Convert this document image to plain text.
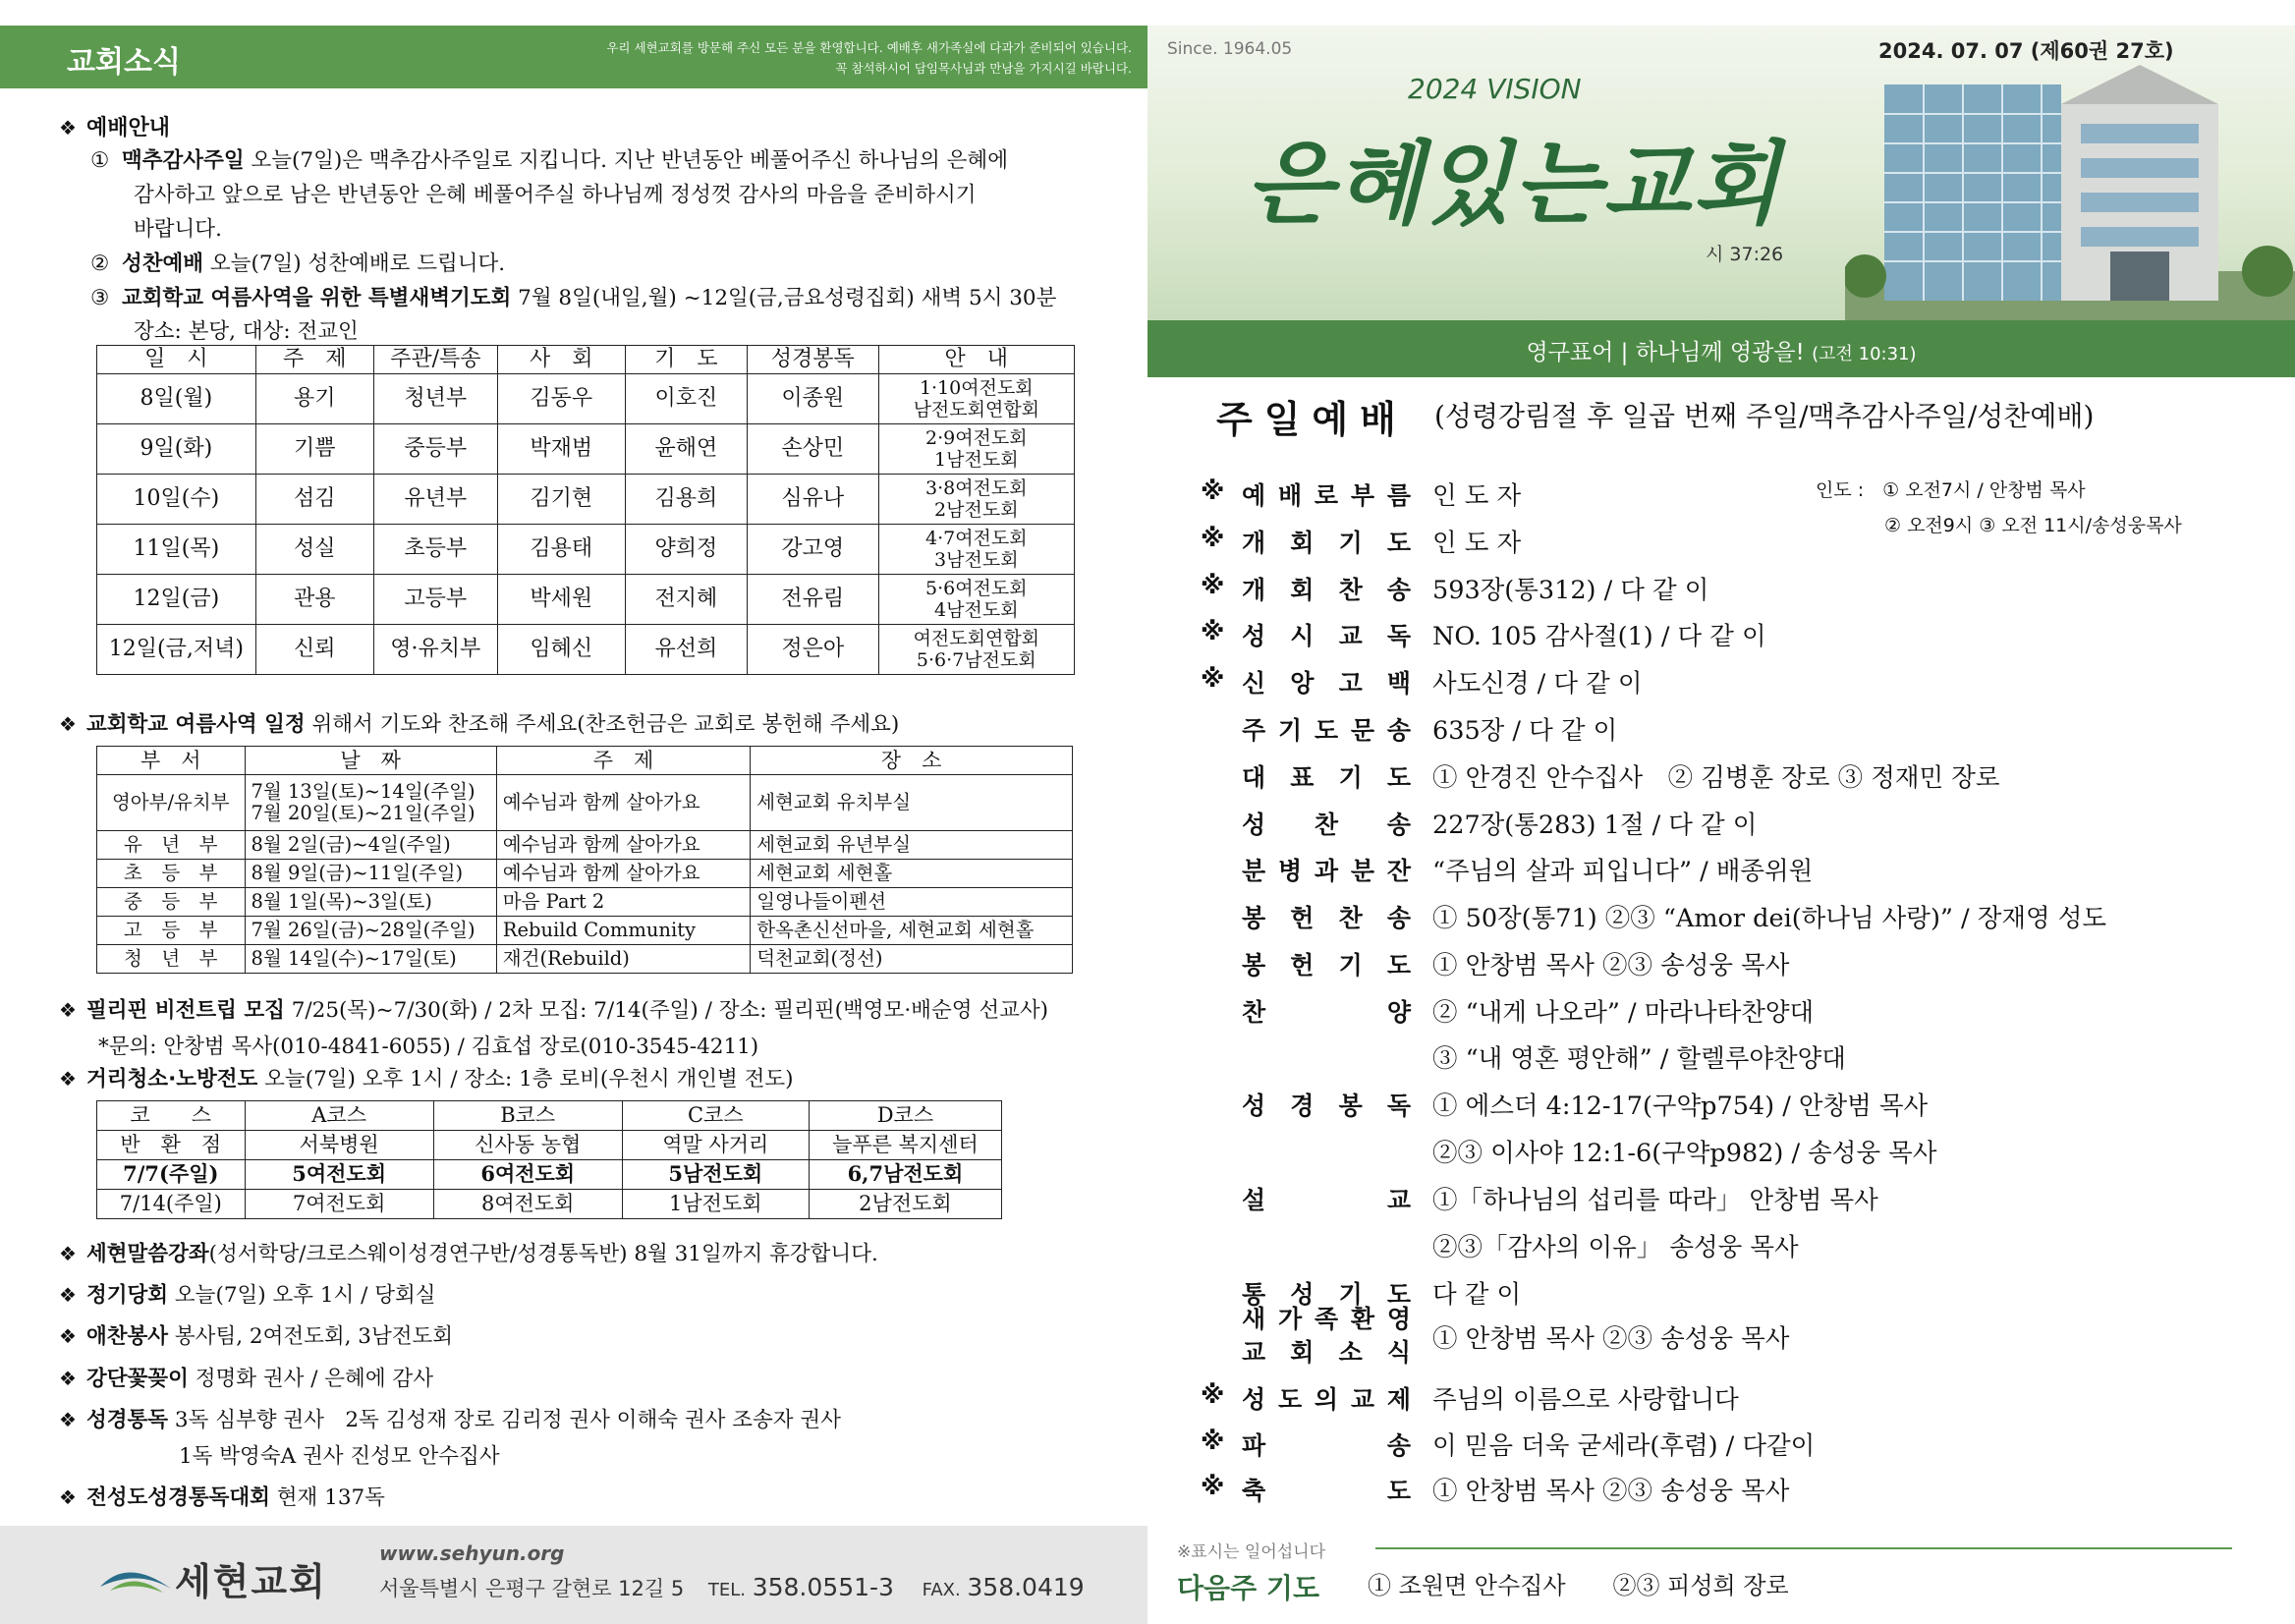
교회소식	우리 세현교회를 방문해 주신 모든 분을 환영합니다. 예배후 새가족실에 다과가 준비되어 있습니다.
꼭 참석하시어 담임목사님과 만남을 가지시길 바랍니다.
❖ 예배안내
① 맥추감사주일 오늘(7일)은 맥추감사주일로 지킵니다. 지난 반년동안 베풀어주신 하나님의 은혜에
감사하고 앞으로 남은 반년동안 은혜 베풀어주실 하나님께 정성껏 감사의 마음을 준비하시기
바랍니다.
② 성찬예배 오늘(7일) 성찬예배로 드립니다.
③ 교회학교 여름사역을 위한 특별새벽기도회 7월 8일(내일,월) ~12일(금,금요성령집회) 새벽 5시 30분
장소: 본당, 대상: 전교인
일　시	주　제	주관/특송	사　회	기　도	성경봉독	안　내
8일(월)	용기	청년부	김동우	이호진	이종원	1·10여전도회
남전도회연합회
9일(화)	기쁨	중등부	박재범	윤해연	손상민	2·9여전도회
1남전도회
10일(수)	섬김	유년부	김기현	김용희	심유나	3·8여전도회
2남전도회
11일(목)	성실	초등부	김용태	양희정	강고영	4·7여전도회
3남전도회
12일(금)	관용	고등부	박세원	전지혜	전유림	5·6여전도회
4남전도회
12일(금,저녁)	신뢰	영·유치부	임혜신	유선희	정은아	여전도회연합회
5·6·7남전도회
❖ 교회학교 여름사역 일정 위해서 기도와 찬조해 주세요(찬조헌금은 교회로 봉헌해 주세요)
부　서	날　짜	주　제	장　소
영아부/유치부	7월 13일(토)~14일(주일)
7월 20일(토)~21일(주일)	예수님과 함께 살아가요	세현교회 유치부실
유　년　부	8월 2일(금)~4일(주일)	예수님과 함께 살아가요	세현교회 유년부실
초　등　부	8월 9일(금)~11일(주일)	예수님과 함께 살아가요	세현교회 세현홀
중　등　부	8월 1일(목)~3일(토)	마음 Part 2	일영나들이펜션
고　등　부	7월 26일(금)~28일(주일)	Rebuild Community	한옥촌신선마을, 세현교회 세현홀
청　년　부	8월 14일(수)~17일(토)	재건(Rebuild)	덕천교회(정선)
❖ 필리핀 비전트립 모집 7/25(목)~7/30(화) / 2차 모집: 7/14(주일) / 장소: 필리핀(백영모·배순영 선교사)
*문의: 안창범 목사(010-4841-6055) / 김효섭 장로(010-3545-4211)
❖ 거리청소·노방전도 오늘(7일) 오후 1시 / 장소: 1층 로비(우천시 개인별 전도)
코　　스	A코스	B코스	C코스	D코스
반　환　점	서북병원	신사동 농협	역말 사거리	늘푸른 복지센터
7/7(주일)	5여전도회	6여전도회	5남전도회	6,7남전도회
7/14(주일)	7여전도회	8여전도회	1남전도회	2남전도회
❖ 세현말씀강좌(성서학당/크로스웨이성경연구반/성경통독반) 8월 31일까지 휴강합니다.
❖ 정기당회 오늘(7일) 오후 1시 / 당회실
❖ 애찬봉사 봉사팀, 2여전도회, 3남전도회
❖ 강단꽃꽂이 정명화 권사 / 은혜에 감사
❖ 성경통독 3독 심부향 권사　2독 김성재 장로 김리정 권사 이해숙 권사 조송자 권사
1독 박영숙A 권사 진성모 안수집사
❖ 전성도성경통독대회 현재 137독
세현교회
www.sehyun.org
서울특별시 은평구 갈현로 12길 5 TEL. 358.0551-3 FAX. 358.0419
Since. 1964.05	2024. 07. 07 (제60권 27호)
2024 VISION
은혜있는교회
시 37:26
영구표어 | 하나님께 영광을! (고전 10:31)
주일예배 (성령강림절 후 일곱 번째 주일/맥추감사주일/성찬예배)
인도 :　① 오전7시 / 안창범 목사
② 오전9시 ③ 오전 11시/송성웅목사
※ 예 배 로 부 름 인 도 자
※ 개 회 기 도 인 도 자
※ 개 회 찬 송 593장(통312) / 다 같 이
※ 성 시 교 독 NO. 105 감사절(1) / 다 같 이
※ 신 앙 고 백 사도신경 / 다 같 이
주 기 도 문 송 635장 / 다 같 이
대 표 기 도 ① 안경진 안수집사　② 김병훈 장로 ③ 정재민 장로
성 찬 송 227장(통283) 1절 / 다 같 이
분 병 과 분 잔 “주님의 살과 피입니다” / 배종위원
봉 헌 찬 송 ① 50장(통71) ②③ “Amor dei(하나님 사랑)” / 장재영 성도
봉 헌 기 도 ① 안창범 목사 ②③ 송성웅 목사
찬	양 ② “내게 나오라” / 마라나타찬양대
③ “내 영혼 평안해” / 할렐루야찬양대
성 경 봉 독 ① 에스더 4:12-17(구약p754) / 안창범 목사
②③ 이사야 12:1-6(구약p982) / 송성웅 목사
설	교 ①「하나님의 섭리를 따라」 안창범 목사
②③「감사의 이유」 송성웅 목사
통 성 기 도 다 같 이
새 가 족 환 영
교 회 소 식 ① 안창범 목사 ②③ 송성웅 목사
※ 성 도 의 교 제 주님의 이름으로 사랑합니다
※ 파	송 이 믿음 더욱 굳세라(후렴) / 다같이
※ 축	도 ① 안창범 목사 ②③ 송성웅 목사
※표시는 일어섭니다
다음주 기도 ① 조원면 안수집사　　②③ 피성희 장로
